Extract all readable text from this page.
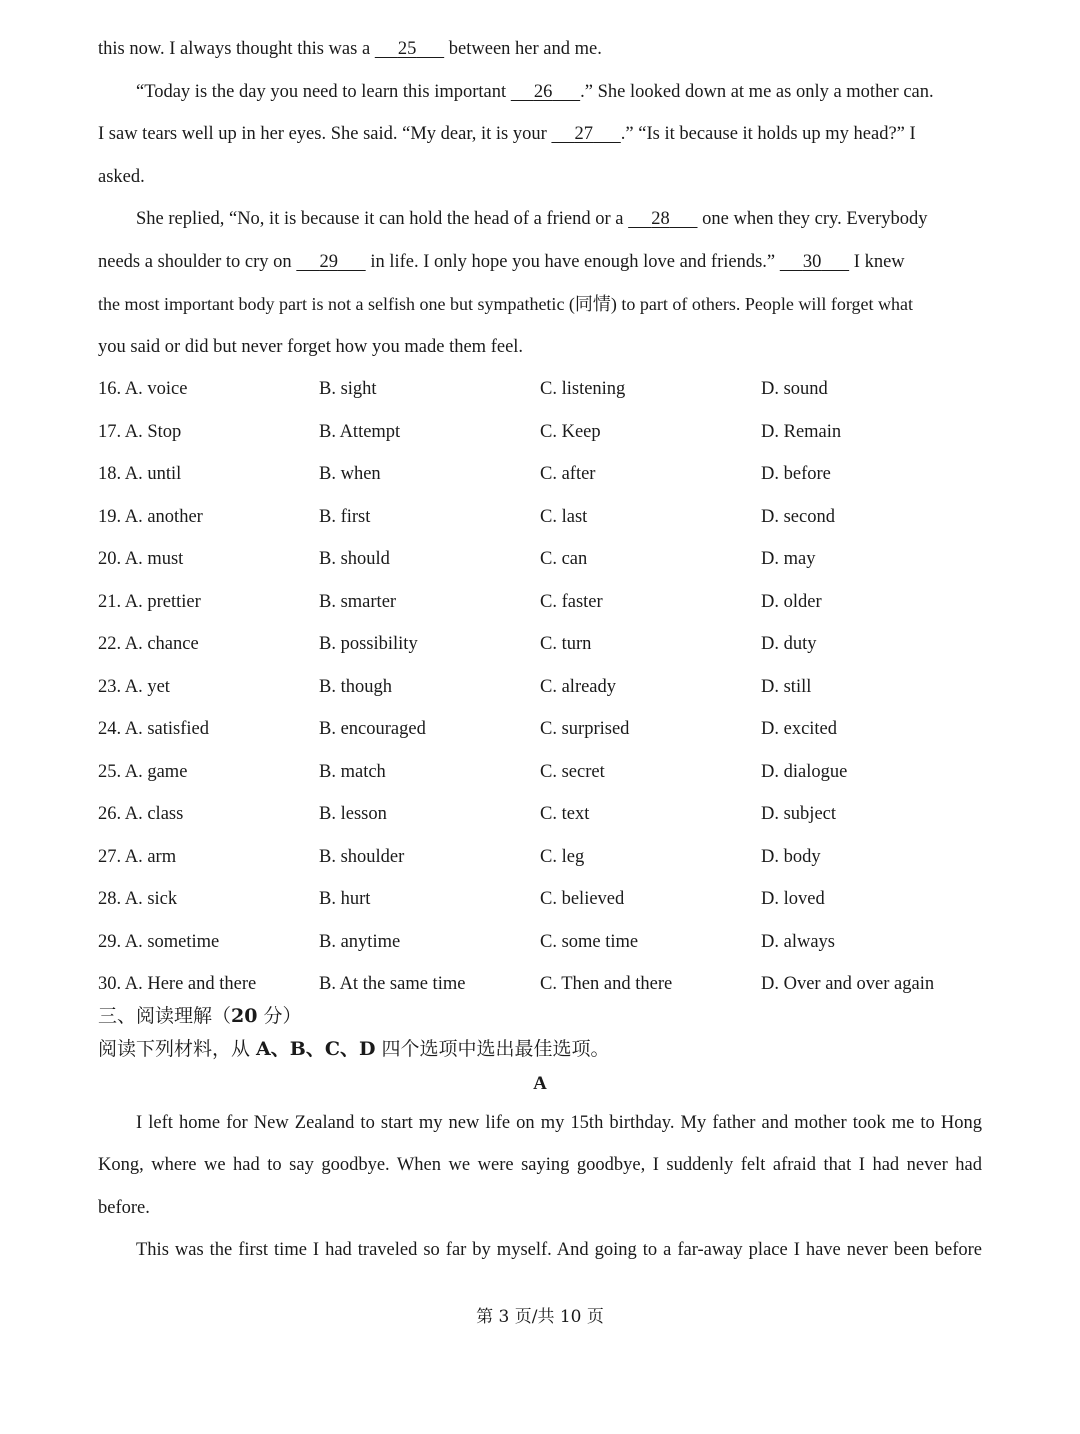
this now. I always thought this was a      25       between her and me.
“Today is the day you need to learn this important      26 .” She looked down at me as only a mother can.
I saw tears well up in her eyes. She said. “My dear, it is your      27 .” “Is it because it holds up my head?” I
asked.
She replied, “No, it is because it can hold the head of a friend or a      28       one when they cry. Everybody
needs a shoulder to cry on      29       in life. I only hope you have enough love and friends.”      30       I knew
the most important body part is not a selfish one but sympathetic (同情) to part of others. People will forget what
you said or did but never forget how you made them feel.
16. A. voice	B. sight	C. listening	D. sound
17. A. Stop	B. Attempt	C. Keep	D. Remain
18. A. until	B. when	C. after	D. before
19. A. another	B. first	C. last	D. second
20. A. must	B. should	C. can	D. may
21. A. prettier	B. smarter	C. faster	D. older
22. A. chance	B. possibility	C. turn	D. duty
23. A. yet	B. though	C. already	D. still
24. A. satisfied	B. encouraged	C. surprised	D. excited
25. A. game	B. match	C. secret	D. dialogue
26. A. class	B. lesson	C. text	D. subject
27. A. arm	B. shoulder	C. leg	D. body
28. A. sick	B. hurt	C. believed	D. loved
29. A. sometime	B. anytime	C. some time	D. always
30. A. Here and there	B. At the same time	C. Then and there	D. Over and over again
三、阅读理解（20 分）
阅读下列材料，从 A、B、C、D 四个选项中选出最佳选项。
A
I left home for New Zealand to start my new life on my 15th birthday. My father and mother took me to Hong
Kong, where we had to say goodbye. When we were saying goodbye, I suddenly felt afraid that I had never had
before.
This was the first time I had traveled so far by myself. And going to a far-away place I have never been before
第 3 页/共 10 页
